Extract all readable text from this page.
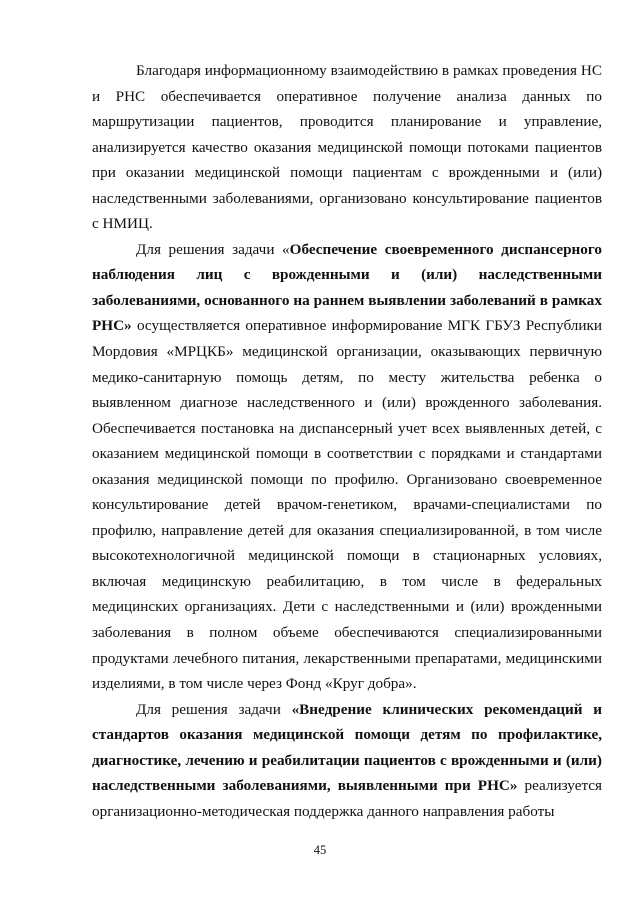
Благодаря информационному взаимодействию в рамках проведения НС и РНС обеспечивается оперативное получение анализа данных по маршрутизации пациентов, проводится планирование и управление, анализируется качество оказания медицинской помощи потоками пациентов при оказании медицинской помощи пациентам с врожденными и (или) наследственными заболеваниями, организовано консультирование пациентов с НМИЦ.

Для решения задачи «Обеспечение своевременного диспансерного наблюдения лиц с врожденными и (или) наследственными заболеваниями, основанного на раннем выявлении заболеваний в рамках РНС» осуществляется оперативное информирование МГК ГБУЗ Республики Мордовия «МРЦКБ» медицинской организации, оказывающих первичную медико-санитарную помощь детям, по месту жительства ребенка о выявленном диагнозе наследственного и (или) врожденного заболевания. Обеспечивается постановка на диспансерный учет всех выявленных детей, с оказанием медицинской помощи в соответствии с порядками и стандартами оказания медицинской помощи по профилю. Организовано своевременное консультирование детей врачом-генетиком, врачами-специалистами по профилю, направление детей для оказания специализированной, в том числе высокотехнологичной медицинской помощи в стационарных условиях, включая медицинскую реабилитацию, в том числе в федеральных медицинских организациях. Дети с наследственными и (или) врожденными заболевания в полном объеме обеспечиваются специализированными продуктами лечебного питания, лекарственными препаратами, медицинскими изделиями, в том числе через Фонд «Круг добра».

Для решения задачи «Внедрение клинических рекомендаций и стандартов оказания медицинской помощи детям по профилактике, диагностике, лечению и реабилитации пациентов с врожденными и (или) наследственными заболеваниями, выявленными при РНС» реализуется организационно-методическая поддержка данного направления работы

45
